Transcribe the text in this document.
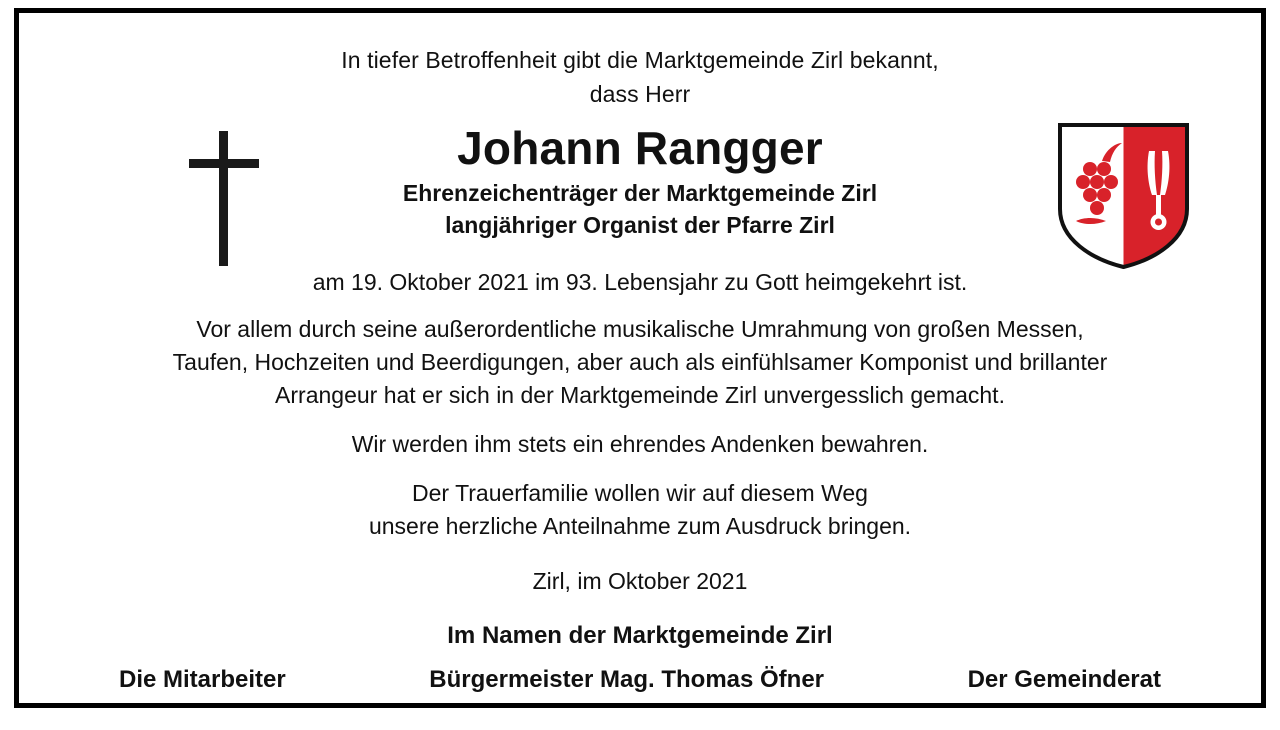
In tiefer Betroffenheit gibt die Marktgemeinde Zirl bekannt,
dass Herr
Johann Rangger
Ehrenzeichenträger der Marktgemeinde Zirl
langjähriger Organist der Pfarre Zirl
am 19. Oktober 2021 im 93. Lebensjahr zu Gott heimgekehrt ist.
Vor allem durch seine außerordentliche musikalische Umrahmung von großen Messen,
Taufen, Hochzeiten und Beerdigungen, aber auch als einfühlsamer Komponist und brillanter
Arrangeur hat er sich in der Marktgemeinde Zirl unvergesslich gemacht.
Wir werden ihm stets ein ehrendes Andenken bewahren.
Der Trauerfamilie wollen wir auf diesem Weg
unsere herzliche Anteilnahme zum Ausdruck bringen.
Zirl, im Oktober 2021
Im Namen der Marktgemeinde Zirl
Die Mitarbeiter	Bürgermeister Mag. Thomas Öfner	Der Gemeinderat
